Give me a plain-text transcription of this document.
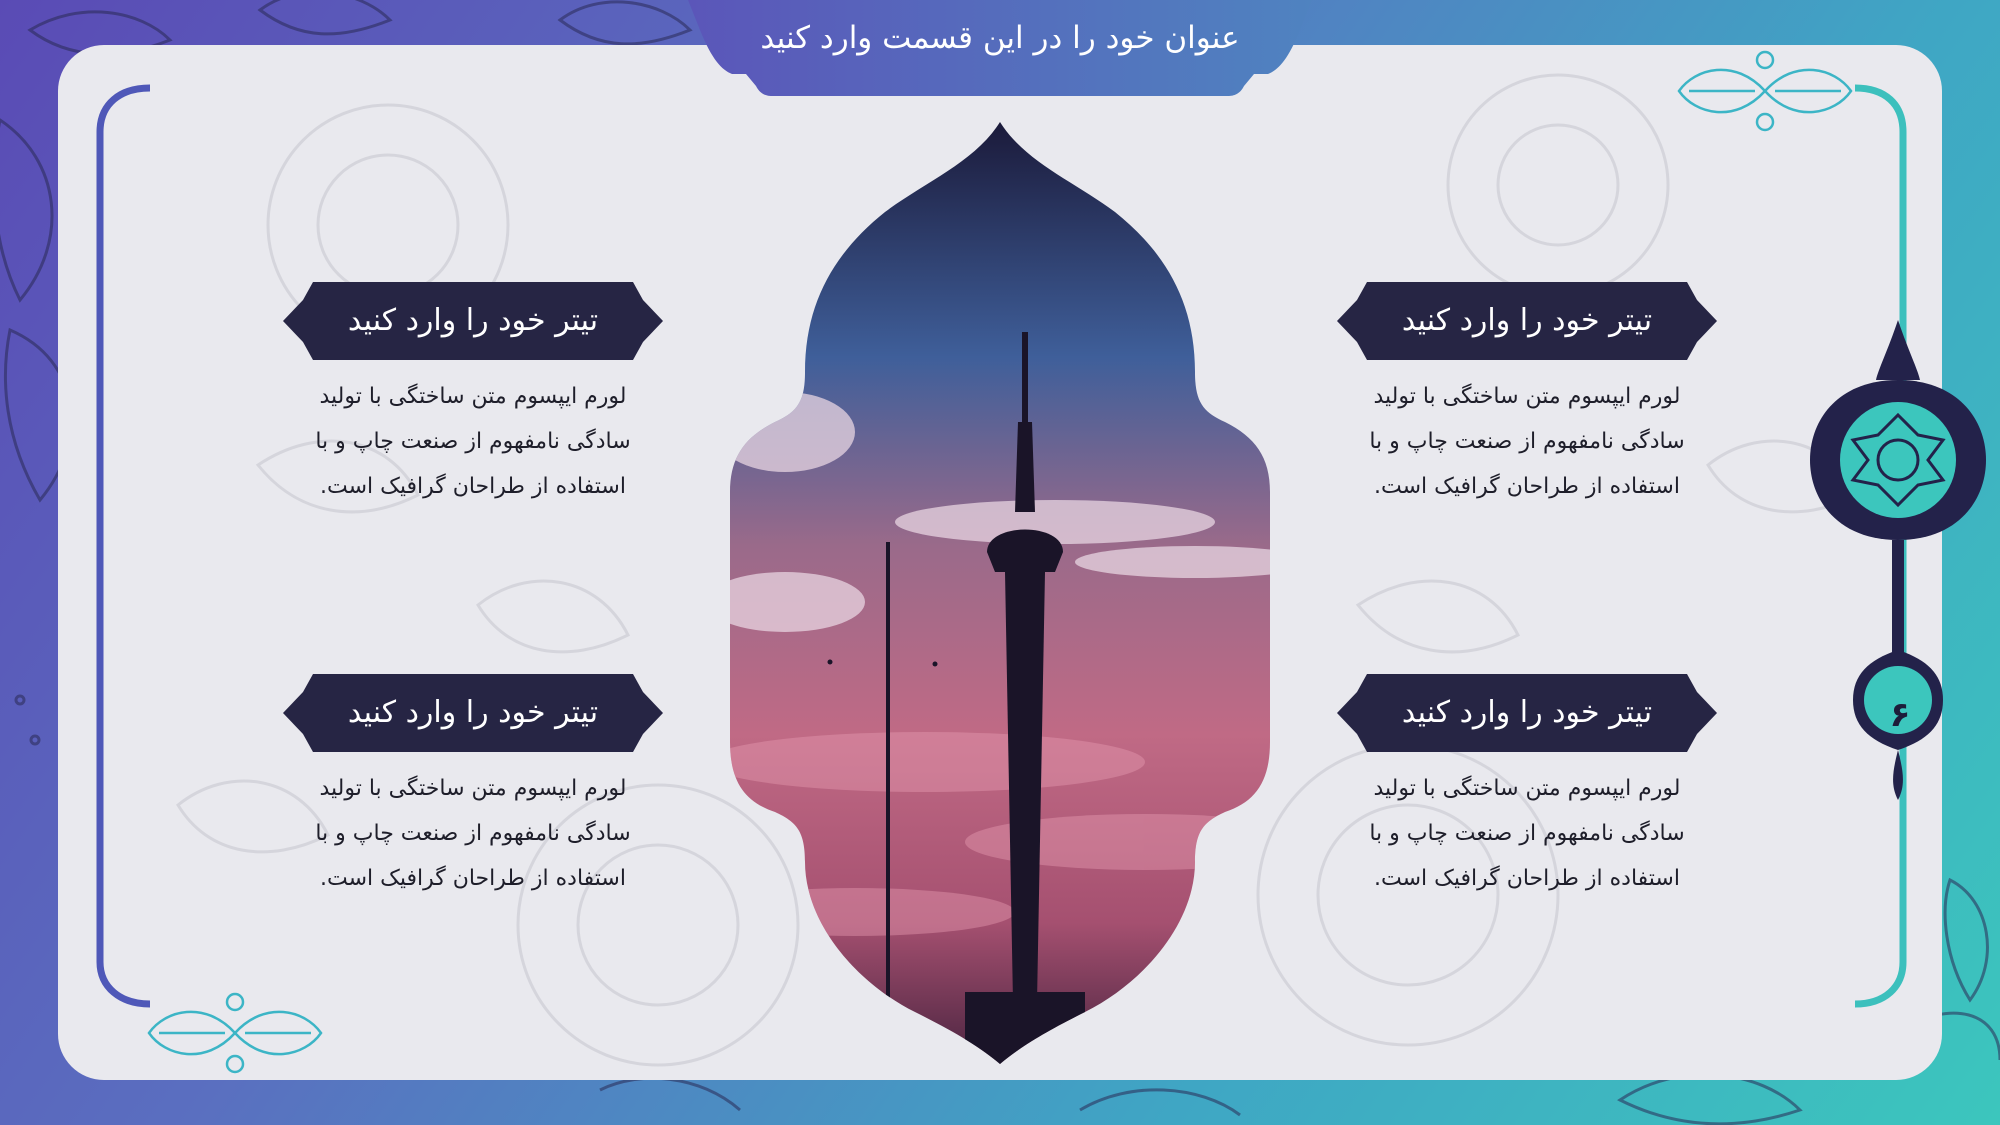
عنوان خود را در این قسمت وارد کنید
تیتر خود را وارد کنید
لورم ایپسوم متن ساختگی با تولید سادگی نامفهوم از صنعت چاپ و با استفاده از طراحان گرافیک است.
تیتر خود را وارد کنید
لورم ایپسوم متن ساختگی با تولید سادگی نامفهوم از صنعت چاپ و با استفاده از طراحان گرافیک است.
تیتر خود را وارد کنید
لورم ایپسوم متن ساختگی با تولید سادگی نامفهوم از صنعت چاپ و با استفاده از طراحان گرافیک است.
تیتر خود را وارد کنید
لورم ایپسوم متن ساختگی با تولید سادگی نامفهوم از صنعت چاپ و با استفاده از طراحان گرافیک است.
۶
